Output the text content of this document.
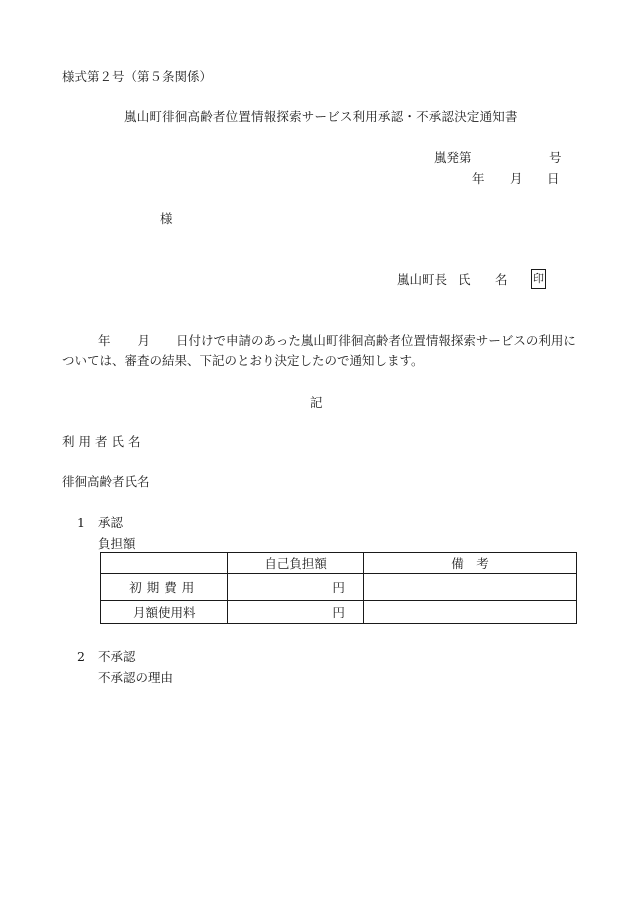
様式第２号（第５条関係）
嵐山町徘徊高齢者位置情報探索サービス利用承認・不承認決定通知書
嵐発第	号
年 月 日
様
嵐山町長 氏 名 印
年 月 日付けで申請のあった嵐山町徘徊高齢者位置情報探索サービスの利用に
ついては、審査の結果、下記のとおり決定したので通知します。
記
利用者氏名
徘徊高齢者氏名
1 承認
負担額
	自己負担額	備　考
初期費用	円	
月額使用料	円	
2 不承認
不承認の理由
